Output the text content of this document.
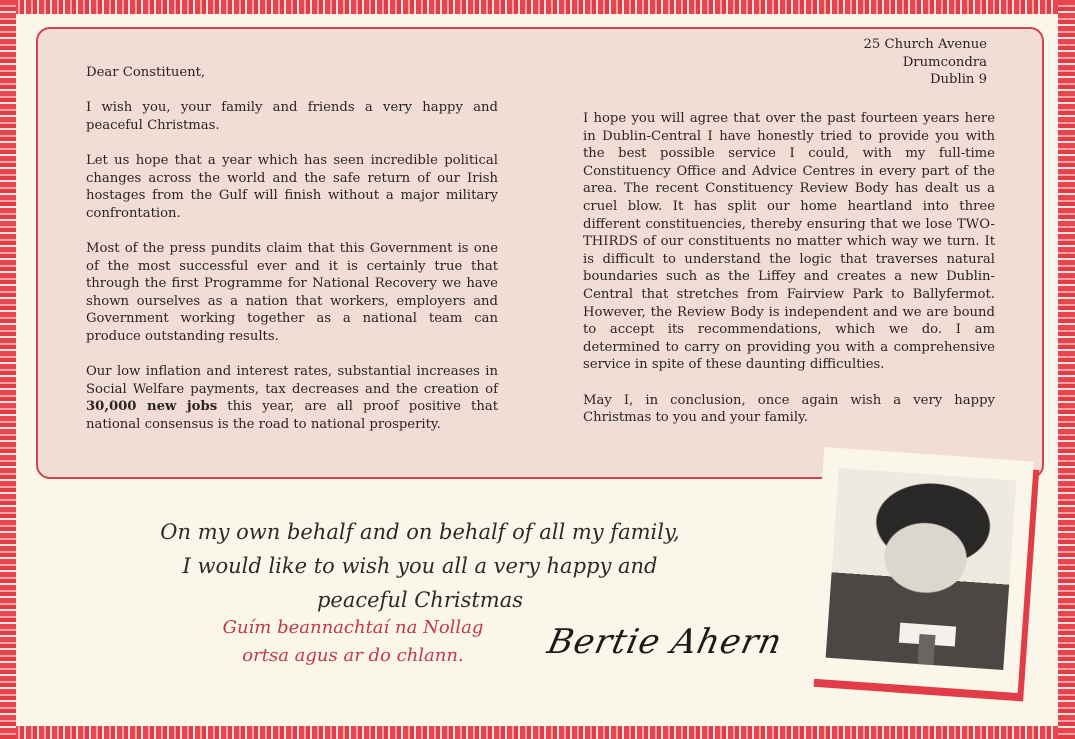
25 Church Avenue
Drumcondra
Dublin 9

Dear Constituent,

I wish you, your family and friends a very happy and peaceful Christmas.

Let us hope that a year which has seen incredible political changes across the world and the safe return of our Irish hostages from the Gulf will finish without a major military confrontation.

Most of the press pundits claim that this Government is one of the most successful ever and it is certainly true that through the first Programme for National Recovery we have shown ourselves as a nation that workers, employers and Government working together as a national team can produce outstanding results.

Our low inflation and interest rates, substantial increases in Social Welfare payments, tax decreases and the creation of 30,000 new jobs this year, are all proof positive that national consensus is the road to national prosperity.

I hope you will agree that over the past fourteen years here in Dublin-Central I have honestly tried to provide you with the best possible service I could, with my full-time Constituency Office and Advice Centres in every part of the area. The recent Constituency Review Body has dealt us a cruel blow. It has split our home heartland into three different constituencies, thereby ensuring that we lose TWO-THIRDS of our constituents no matter which way we turn. It is difficult to understand the logic that traverses natural boundaries such as the Liffey and creates a new Dublin-Central that stretches from Fairview Park to Ballyfermot. However, the Review Body is independent and we are bound to accept its recommendations, which we do. I am determined to carry on providing you with a comprehensive service in spite of these daunting difficulties.

May I, in conclusion, once again wish a very happy Christmas to you and your family.

On my own behalf and on behalf of all my family,
I would like to wish you all a very happy and
peaceful Christmas
Guím beannachtaí na Nollag
ortsa agus ar do chlann.	Bertie Ahern
